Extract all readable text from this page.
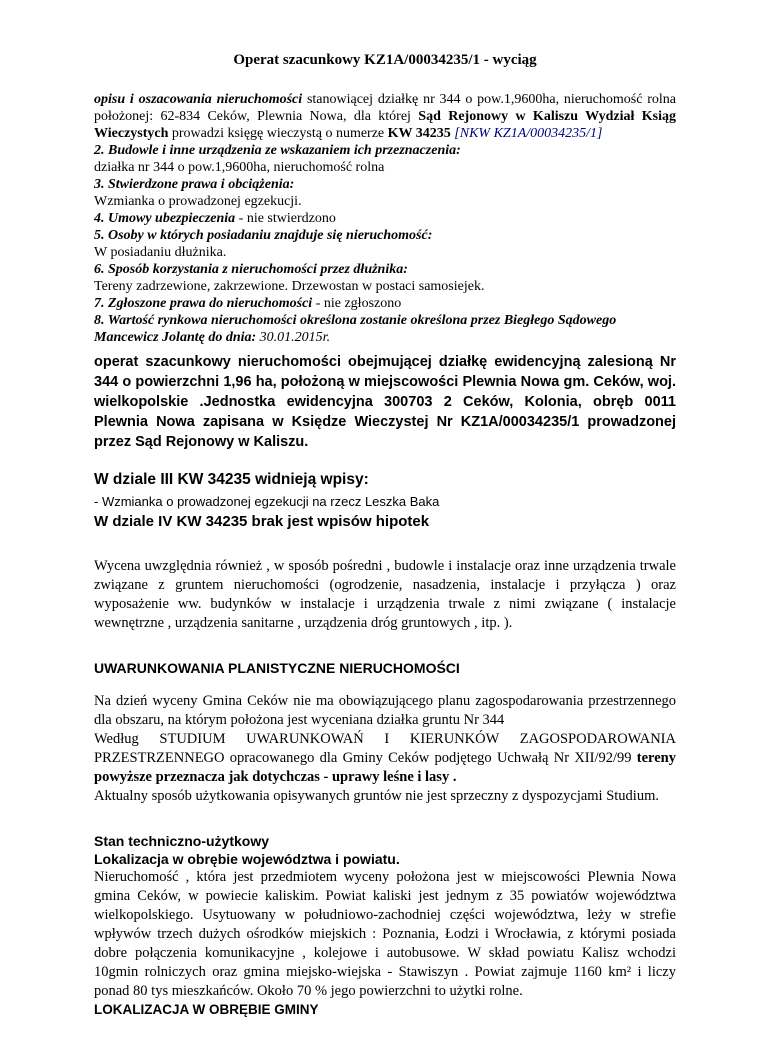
Operat szacunkowy KZ1A/00034235/1 - wyciąg

opisu i oszacowania nieruchomości stanowiącej działkę nr 344 o pow.1,9600ha, nieruchomość rolna położonej: 62-834 Ceków, Plewnia Nowa, dla której Sąd Rejonowy w Kaliszu Wydział Ksiąg Wieczystych prowadzi księgę wieczystą o numerze KW 34235 [NKW KZ1A/00034235/1]

2. Budowle i inne urządzenia ze wskazaniem ich przeznaczenia:
działka nr 344 o pow.1,9600ha, nieruchomość rolna
3. Stwierdzone prawa i obciążenia:
Wzmianka o prowadzonej egzekucji.
4. Umowy ubezpieczenia - nie stwierdzono
5. Osoby w których posiadaniu znajduje się nieruchomość:
W posiadaniu dłużnika.
6. Sposób korzystania z nieruchomości przez dłużnika:
Tereny zadrzewione, zakrzewione. Drzewostan w postaci samosiejek.
7. Zgłoszone prawa do nieruchomości - nie zgłoszono
8. Wartość rynkowa nieruchomości określona zostanie określona przez Biegłego Sądowego Mancewicz Jolantę do dnia: 30.01.2015r.

operat szacunkowy nieruchomości obejmującej działkę ewidencyjną zalesioną Nr 344 o powierzchni 1,96 ha, położoną w miejscowości Plewnia Nowa gm. Ceków, woj. wielkopolskie .Jednostka ewidencyjna 300703 2 Ceków, Kolonia, obręb 0011 Plewnia Nowa zapisana w Księdze Wieczystej Nr KZ1A/00034235/1 prowadzonej przez Sąd Rejonowy w Kaliszu.

W dziale III KW 34235 widnieją wpisy:
- Wzmianka o prowadzonej egzekucji na rzecz Leszka Baka
W dziale IV KW 34235 brak jest wpisów hipotek

Wycena uwzględnia również , w sposób pośredni , budowle i instalacje oraz inne urządzenia trwale związane z gruntem nieruchomości (ogrodzenie, nasadzenia, instalacje i przyłącza ) oraz wyposażenie ww. budynków w instalacje i urządzenia trwale z nimi związane ( instalacje wewnętrzne , urządzenia sanitarne , urządzenia dróg gruntowych , itp. ).

UWARUNKOWANIA PLANISTYCZNE NIERUCHOMOŚCI
Na dzień wyceny Gmina Ceków nie ma obowiązującego planu zagospodarowania przestrzennego dla obszaru, na którym położona jest wyceniana działka gruntu Nr 344
Według STUDIUM UWARUNKOWAŃ I KIERUNKÓW ZAGOSPODAROWANIA PRZESTRZENNEGO opracowanego dla Gminy Ceków podjętego Uchwałą Nr XII/92/99 tereny powyższe przeznacza jak dotychczas - uprawy leśne i lasy .
Aktualny sposób użytkowania opisywanych gruntów nie jest sprzeczny z dyspozycjami Studium.
Stan techniczno-użytkowy
Lokalizacja w obrębie województwa i powiatu.

Nieruchomość , która jest przedmiotem wyceny położona jest w miejscowości Plewnia Nowa gmina Ceków, w powiecie kaliskim. Powiat kaliski jest jednym z 35 powiatów województwa wielkopolskiego. Usytuowany w południowo-zachodniej części województwa, leży w strefie wpływów trzech dużych ośrodków miejskich : Poznania, Łodzi i Wrocławia, z którymi posiada dobre połączenia komunikacyjne , kolejowe i autobusowe. W skład powiatu Kalisz wchodzi 10gmin rolniczych oraz gmina miejsko-wiejska - Stawiszyn . Powiat zajmuje 1160 km² i liczy ponad 80 tys mieszkańców. Około 70 % jego powierzchni to użytki rolne.

LOKALIZACJA W OBRĘBIE GMINY
